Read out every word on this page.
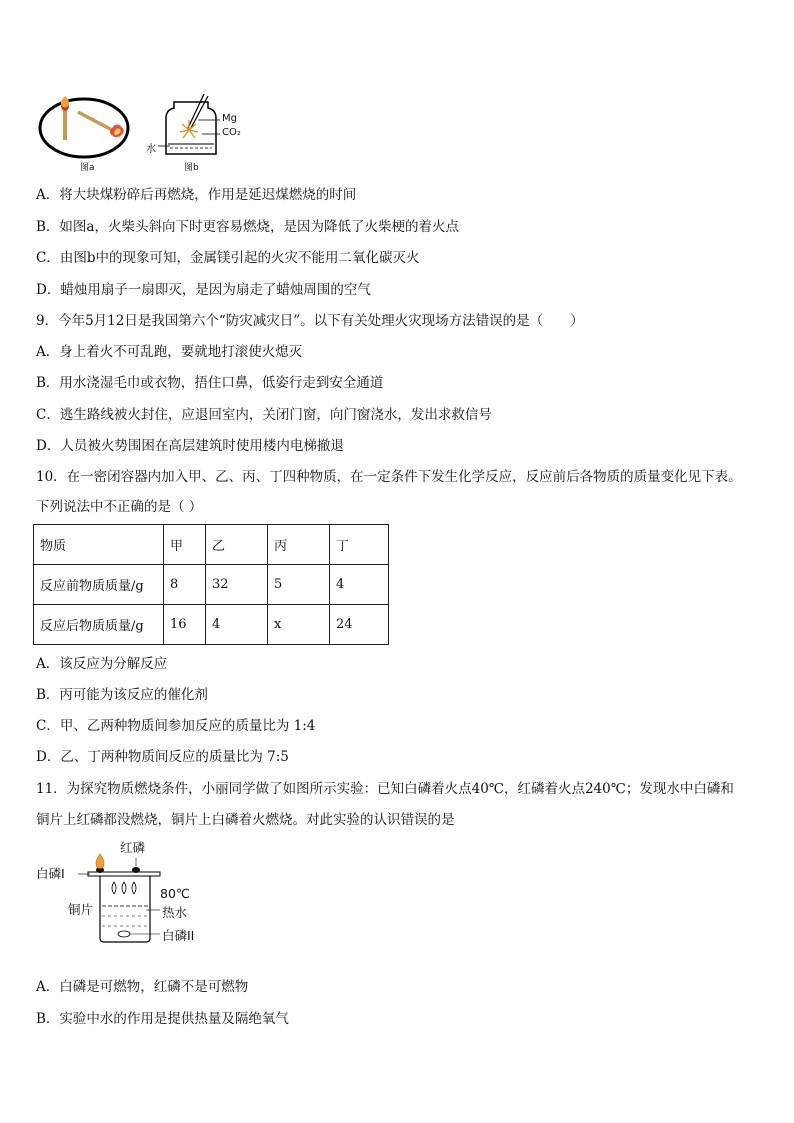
图a
Mg
CO₂
水
图b
A．将大块煤粉碎后再燃烧，作用是延迟煤燃烧的时间
B．如图a，火柴头斜向下时更容易燃烧，是因为降低了火柴梗的着火点
C．由图b中的现象可知，金属镁引起的火灾不能用二氧化碳灭火
D．蜡烛用扇子一扇即灭，是因为扇走了蜡烛周围的空气
9．今年5月12日是我国第六个“防灾减灾日”。以下有关处理火灾现场方法错误的是（　　）
A．身上着火不可乱跑，要就地打滚使火熄灭
B．用水浇湿毛巾或衣物，捂住口鼻，低姿行走到安全通道
C．逃生路线被火封住，应退回室内，关闭门窗，向门窗浇水，发出求救信号
D．人员被火势围困在高层建筑时使用楼内电梯撤退
10．在一密闭容器内加入甲、乙、丙、丁四种物质，在一定条件下发生化学反应，反应前后各物质的质量变化见下表。
下列说法中不正确的是（ ）
物质	甲	乙	丙	丁
反应前物质质量/g	8	32	5	4
反应后物质质量/g	16	4	x	24
A．该反应为分解反应
B．丙可能为该反应的催化剂
C．甲、乙两种物质间参加反应的质量比为 1:4
D．乙、丁两种物质间反应的质量比为 7:5
11．为探究物质燃烧条件，小丽同学做了如图所示实验：已知白磷着火点40℃，红磷着火点240℃；发现水中白磷和
铜片上红磷都没燃烧，铜片上白磷着火燃烧。对此实验的认识错误的是
红磷
白磷Ⅰ
铜片
80℃
热水
白磷ⅠⅠ
A．白磷是可燃物，红磷不是可燃物
B．实验中水的作用是提供热量及隔绝氧气
